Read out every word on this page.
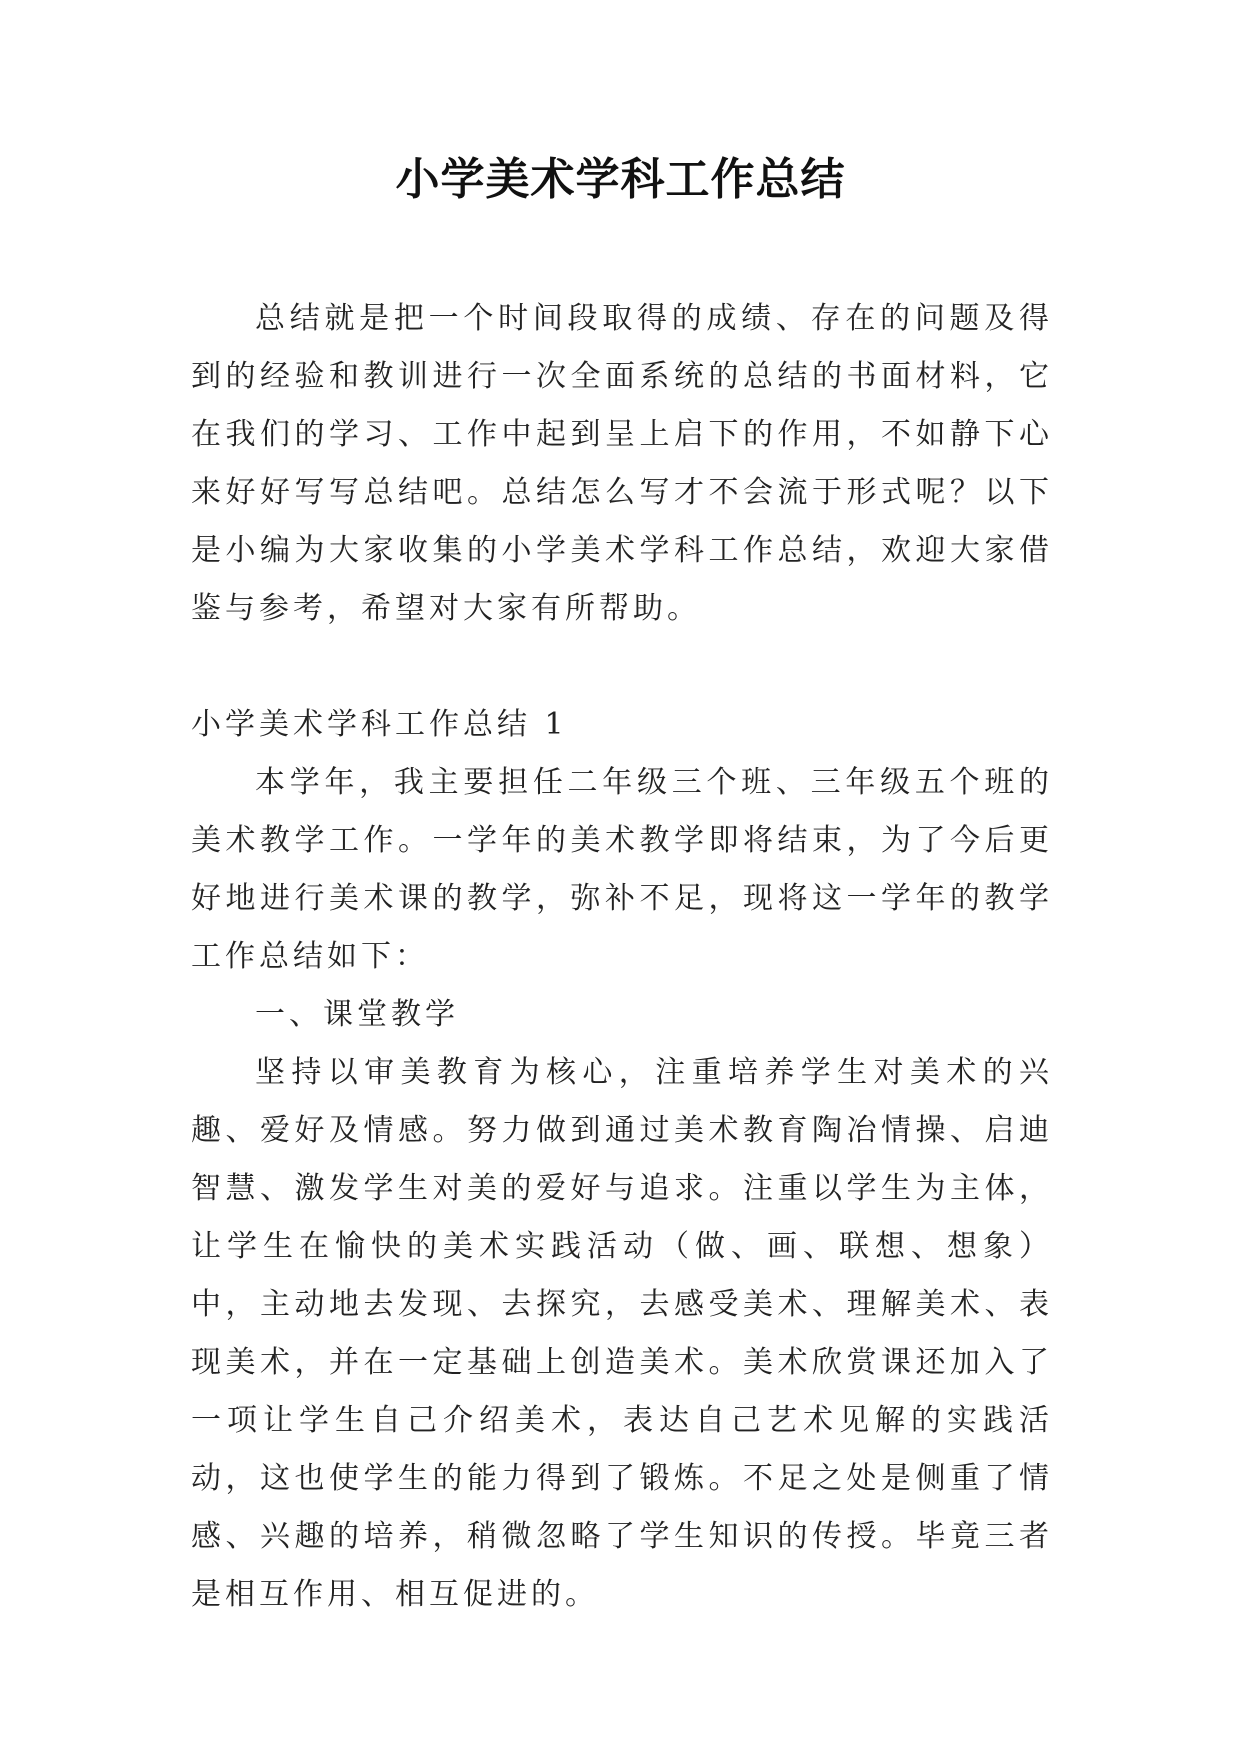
小学美术学科工作总结

总结就是把一个时间段取得的成绩、存在的问题及得到的经验和教训进行一次全面系统的总结的书面材料，它在我们的学习、工作中起到呈上启下的作用，不如静下心来好好写写总结吧。总结怎么写才不会流于形式呢？以下是小编为大家收集的小学美术学科工作总结，欢迎大家借鉴与参考，希望对大家有所帮助。

小学美术学科工作总结 1

本学年，我主要担任二年级三个班、三年级五个班的美术教学工作。一学年的美术教学即将结束，为了今后更好地进行美术课的教学，弥补不足，现将这一学年的教学工作总结如下：

一、课堂教学

坚持以审美教育为核心，注重培养学生对美术的兴趣、爱好及情感。努力做到通过美术教育陶冶情操、启迪智慧、激发学生对美的爱好与追求。注重以学生为主体，让学生在愉快的美术实践活动（做、画、联想、想象）中，主动地去发现、去探究，去感受美术、理解美术、表现美术，并在一定基础上创造美术。美术欣赏课还加入了一项让学生自己介绍美术，表达自己艺术见解的实践活动，这也使学生的能力得到了锻炼。不足之处是侧重了情感、兴趣的培养，稍微忽略了学生知识的传授。毕竟三者是相互作用、相互促进的。
